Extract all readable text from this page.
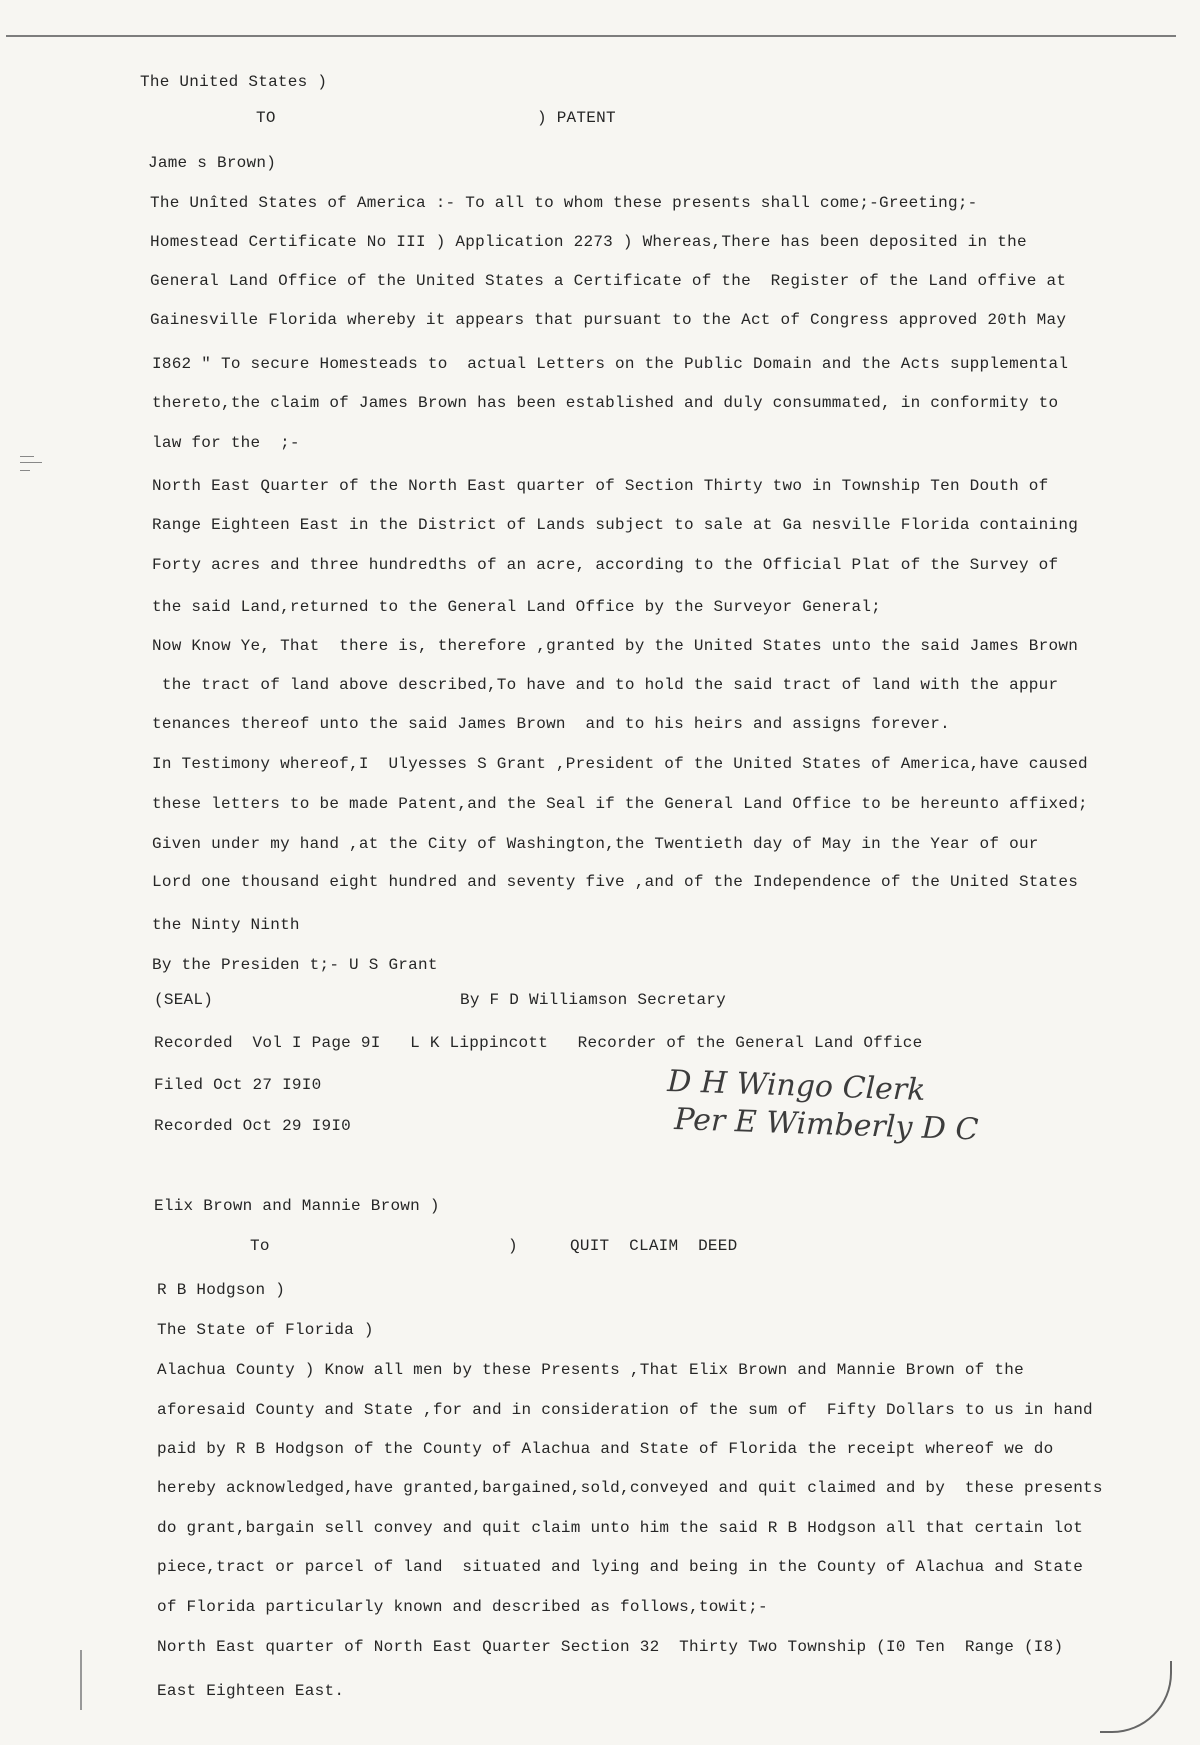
The United States )

TO	) PATENT

Jame s Brown)

The Unîted States of America :- To all to whom these presents shall come;-Greeting;-

Homestead Certificate No III ) Application 2273 ) Whereas,There has been deposited in the

General Land Office of the United States a Certificate of the  Register of the Land offive at

Gainesville Florida whereby it appears that pursuant to the Act of Congress approved 20th May

I862 " To secure Homesteads to  actual Letters on the Public Domain and the Acts supplemental

thereto,the claim of James Brown has been established and duly consummated, in conformity to

law for the  ;-

North East Quarter of the North East quarter of Section Thirty two in Township Ten Douth of

Range Eighteen East in the District of Lands subject to sale at Ga nesville Florida containing

Forty acres and three hundredths of an acre, according to the Official Plat of the Survey of

the said Land,returned to the General Land Office by the Surveyor General;

Now Know Ye, That  there is, therefore ,granted by the United States unto the said James Brown

the tract of land above described,To have and to hold the said tract of land with the appur

tenances thereof unto the said James Brown  and to his heirs and assigns forever.

In Testimony whereof,I  Ulyesses S Grant ,President of the United States of America,have caused

these letters to be made Patent,and the Seal if the General Land Office to be hereunto affixed;

Given under my hand ,at the City of Washington,the Twentieth day of May in the Year of our

Lord one thousand eight hundred and seventy five ,and of the Independence of the United States

the Ninty Ninth

By the Presiden t;- U S Grant

(SEAL)	By F D Williamson Secretary

Recorded  Vol I Page 9I   L K Lippincott   Recorder of the General Land Office

Filed Oct 27 I9I0

Recorded Oct 29 I9I0

D H Wingo Clerk
Per E Wimberly D C

Elix Brown and Mannie Brown )

To	)	QUIT  CLAIM  DEED

R B Hodgson )

The State of Florida )

Alachua County ) Know all men by these Presents ,That Elix Brown and Mannie Brown of the

aforesaid County and State ,for and in consideration of the sum of  Fifty Dollars to us in hand

paid by R B Hodgson of the County of Alachua and State of Florida the receipt whereof we do

hereby acknowledged,have granted,bargained,sold,conveyed and quit claimed and by  these presents

do grant,bargain sell convey and quit claim unto him the said R B Hodgson all that certain lot

piece,tract or parcel of land  situated and lying and being in the County of Alachua and State

of Florida particularly known and described as follows,towit;-

North East quarter of North East Quarter Section 32  Thirty Two Township (I0 Ten  Range (I8)

East Eighteen East.
